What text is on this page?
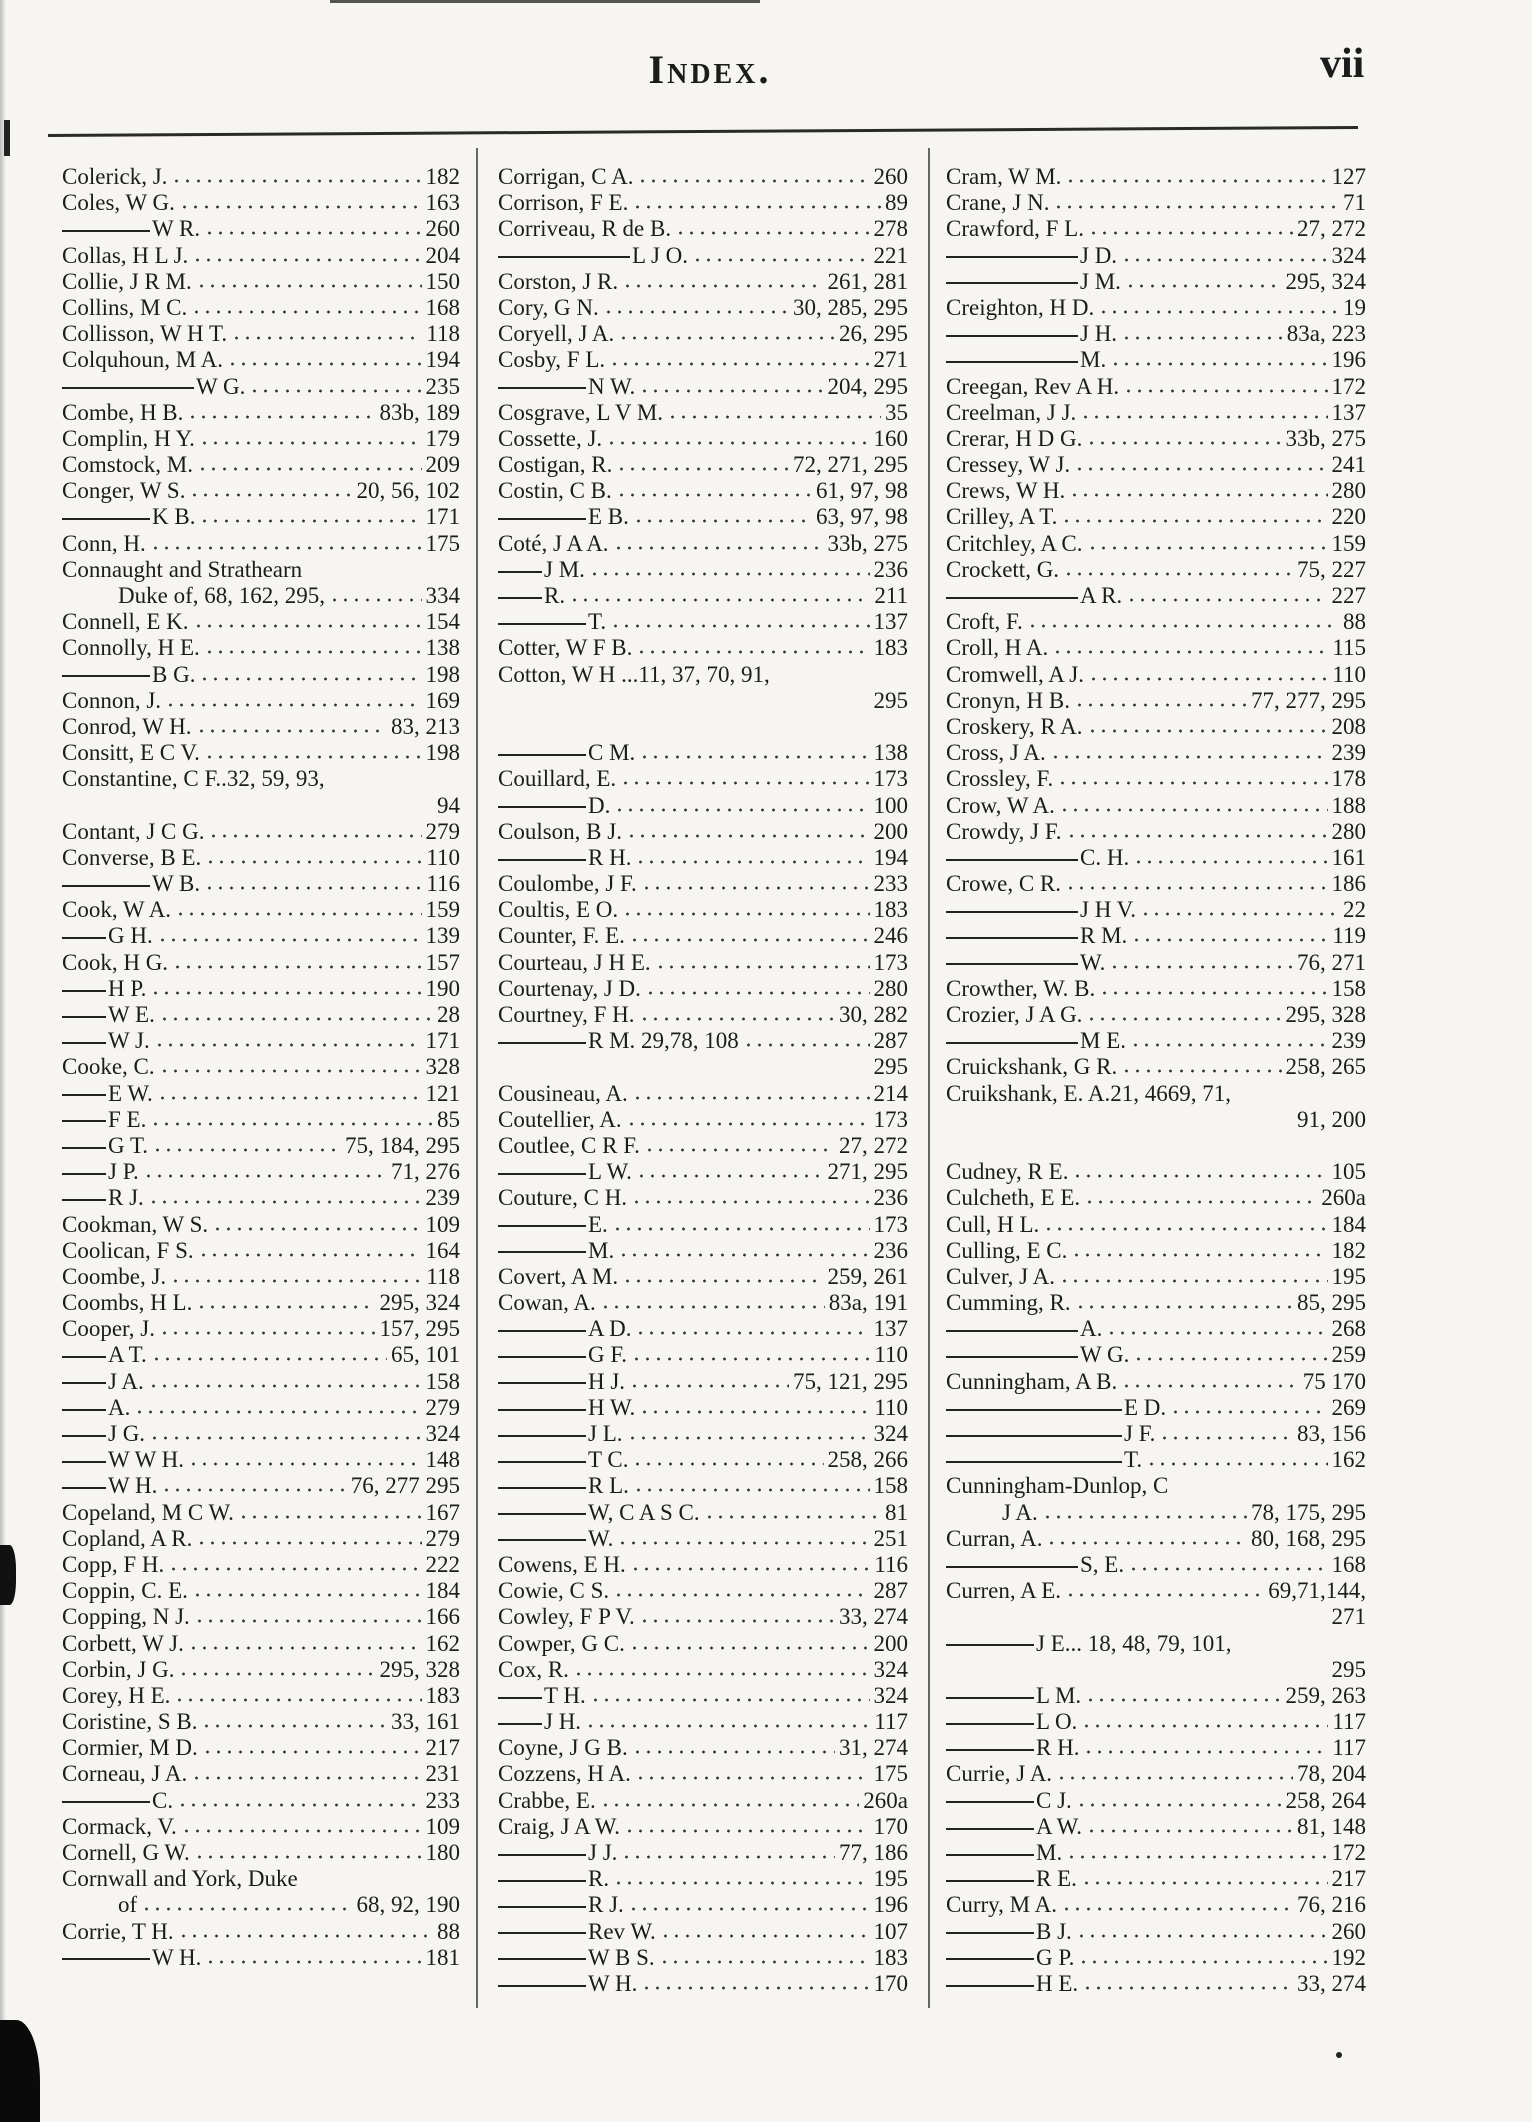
Index.	vii
Colerick, J.	182
Coles, W G.	163
W R.	260
Collas, H L J.	204
Collie, J R M.	150
Collins, M C.	168
Collisson, W H T.	118
Colquhoun, M A.	194
W G.	235
Combe, H B.	83b, 189
Complin, H Y.	179
Comstock, M.	209
Conger, W S.	20, 56, 102
K B.	171
Conn, H.	175
Connaught and Strathearn
Duke of, 68, 162, 295,	334
Connell, E K.	154
Connolly, H E.	138
B G.	198
Connon, J.	169
Conrod, W H.	83, 213
Consitt, E C V.	198
Constantine, C F..32, 59, 93,
94
Contant, J C G.	279
Converse, B E.	110
W B.	116
Cook, W A.	159
G H.	139
Cook, H G.	157
H P.	190
W E.	28
W J.	171
Cooke, C.	328
E W.	121
F E.	85
G T.	75, 184, 295
J P.	71, 276
R J.	239
Cookman, W S.	109
Coolican, F S.	164
Coombe, J.	118
Coombs, H L.	295, 324
Cooper, J.	157, 295
A T.	65, 101
J A.	158
A.	279
J G.	324
W W H.	148
W H.	76, 277 295
Copeland, M C W.	167
Copland, A R.	279
Copp, F H.	222
Coppin, C. E.	184
Copping, N J.	166
Corbett, W J.	162
Corbin, J G.	295, 328
Corey, H E.	183
Coristine, S B.	33, 161
Cormier, M D.	217
Corneau, J A.	231
C.	233
Cormack, V.	109
Cornell, G W.	180
Cornwall and York, Duke
of	68, 92, 190
Corrie, T H.	88
W H.	181
Corrigan, C A.	260
Corrison, F E.	89
Corriveau, R de B.	278
L J O.	221
Corston, J R.	261, 281
Cory, G N.	30, 285, 295
Coryell, J A.	26, 295
Cosby, F L.	271
N W.	204, 295
Cosgrave, L V M.	35
Cossette, J.	160
Costigan, R.	72, 271, 295
Costin, C B.	61, 97, 98
E B.	63, 97, 98
Coté, J A A.	33b, 275
J M.	236
R.	211
T.	137
Cotter, W F B.	183
Cotton, W H ...11, 37, 70, 91,
295
C M.	138
Couillard, E.	173
D.	100
Coulson, B J.	200
R H.	194
Coulombe, J F.	233
Coultis, E O.	183
Counter, F. E.	246
Courteau, J H E.	173
Courtenay, J D.	280
Courtney, F H.	30, 282
R M. 29,78, 108	287
295
Cousineau, A.	214
Coutellier, A.	173
Coutlee, C R F.	27, 272
L W.	271, 295
Couture, C H.	236
E.	173
M.	236
Covert, A M.	259, 261
Cowan, A.	83a, 191
A D.	137
G F.	110
H J.	75, 121, 295
H W.	110
J L.	324
T C.	258, 266
R L.	158
W, C A S C.	81
W.	251
Cowens, E H.	116
Cowie, C S.	287
Cowley, F P V.	33, 274
Cowper, G C.	200
Cox, R.	324
T H.	324
J H.	117
Coyne, J G B.	31, 274
Cozzens, H A.	175
Crabbe, E.	260a
Craig, J A W.	170
J J.	77, 186
R.	195
R J.	196
Rev W.	107
W B S.	183
W H.	170
Cram, W M.	127
Crane, J N.	71
Crawford, F L.	27, 272
J D.	324
J M.	295, 324
Creighton, H D.	19
J H.	83a, 223
M.	196
Creegan, Rev A H.	172
Creelman, J J.	137
Crerar, H D G.	33b, 275
Cressey, W J.	241
Crews, W H.	280
Crilley, A T.	220
Critchley, A C.	159
Crockett, G.	75, 227
A R.	227
Croft, F.	88
Croll, H A.	115
Cromwell, A J.	110
Cronyn, H B.	77, 277, 295
Croskery, R A.	208
Cross, J A.	239
Crossley, F.	178
Crow, W A.	188
Crowdy, J F.	280
C. H.	161
Crowe, C R.	186
J H V.	22
R M.	119
W.	76, 271
Crowther, W. B.	158
Crozier, J A G.	295, 328
M E.	239
Cruickshank, G R.	258, 265
Cruikshank, E. A.21, 4669, 71,
91, 200
Cudney, R E.	105
Culcheth, E E.	260a
Cull, H L.	184
Culling, E C.	182
Culver, J A.	195
Cumming, R.	85, 295
A.	268
W G.	259
Cunningham, A B.	75 170
E D.	269
J F.	83, 156
T.	162
Cunningham-Dunlop, C
J A.	78, 175, 295
Curran, A.	80, 168, 295
S, E.	168
Curren, A E.	69,71,144,
271
J E... 18, 48, 79, 101,
295
L M.	259, 263
L O.	117
R H.	117
Currie, J A.	78, 204
C J.	258, 264
A W.	81, 148
M.	172
R E.	217
Curry, M A.	76, 216
B J.	260
G P.	192
H E.	33, 274
